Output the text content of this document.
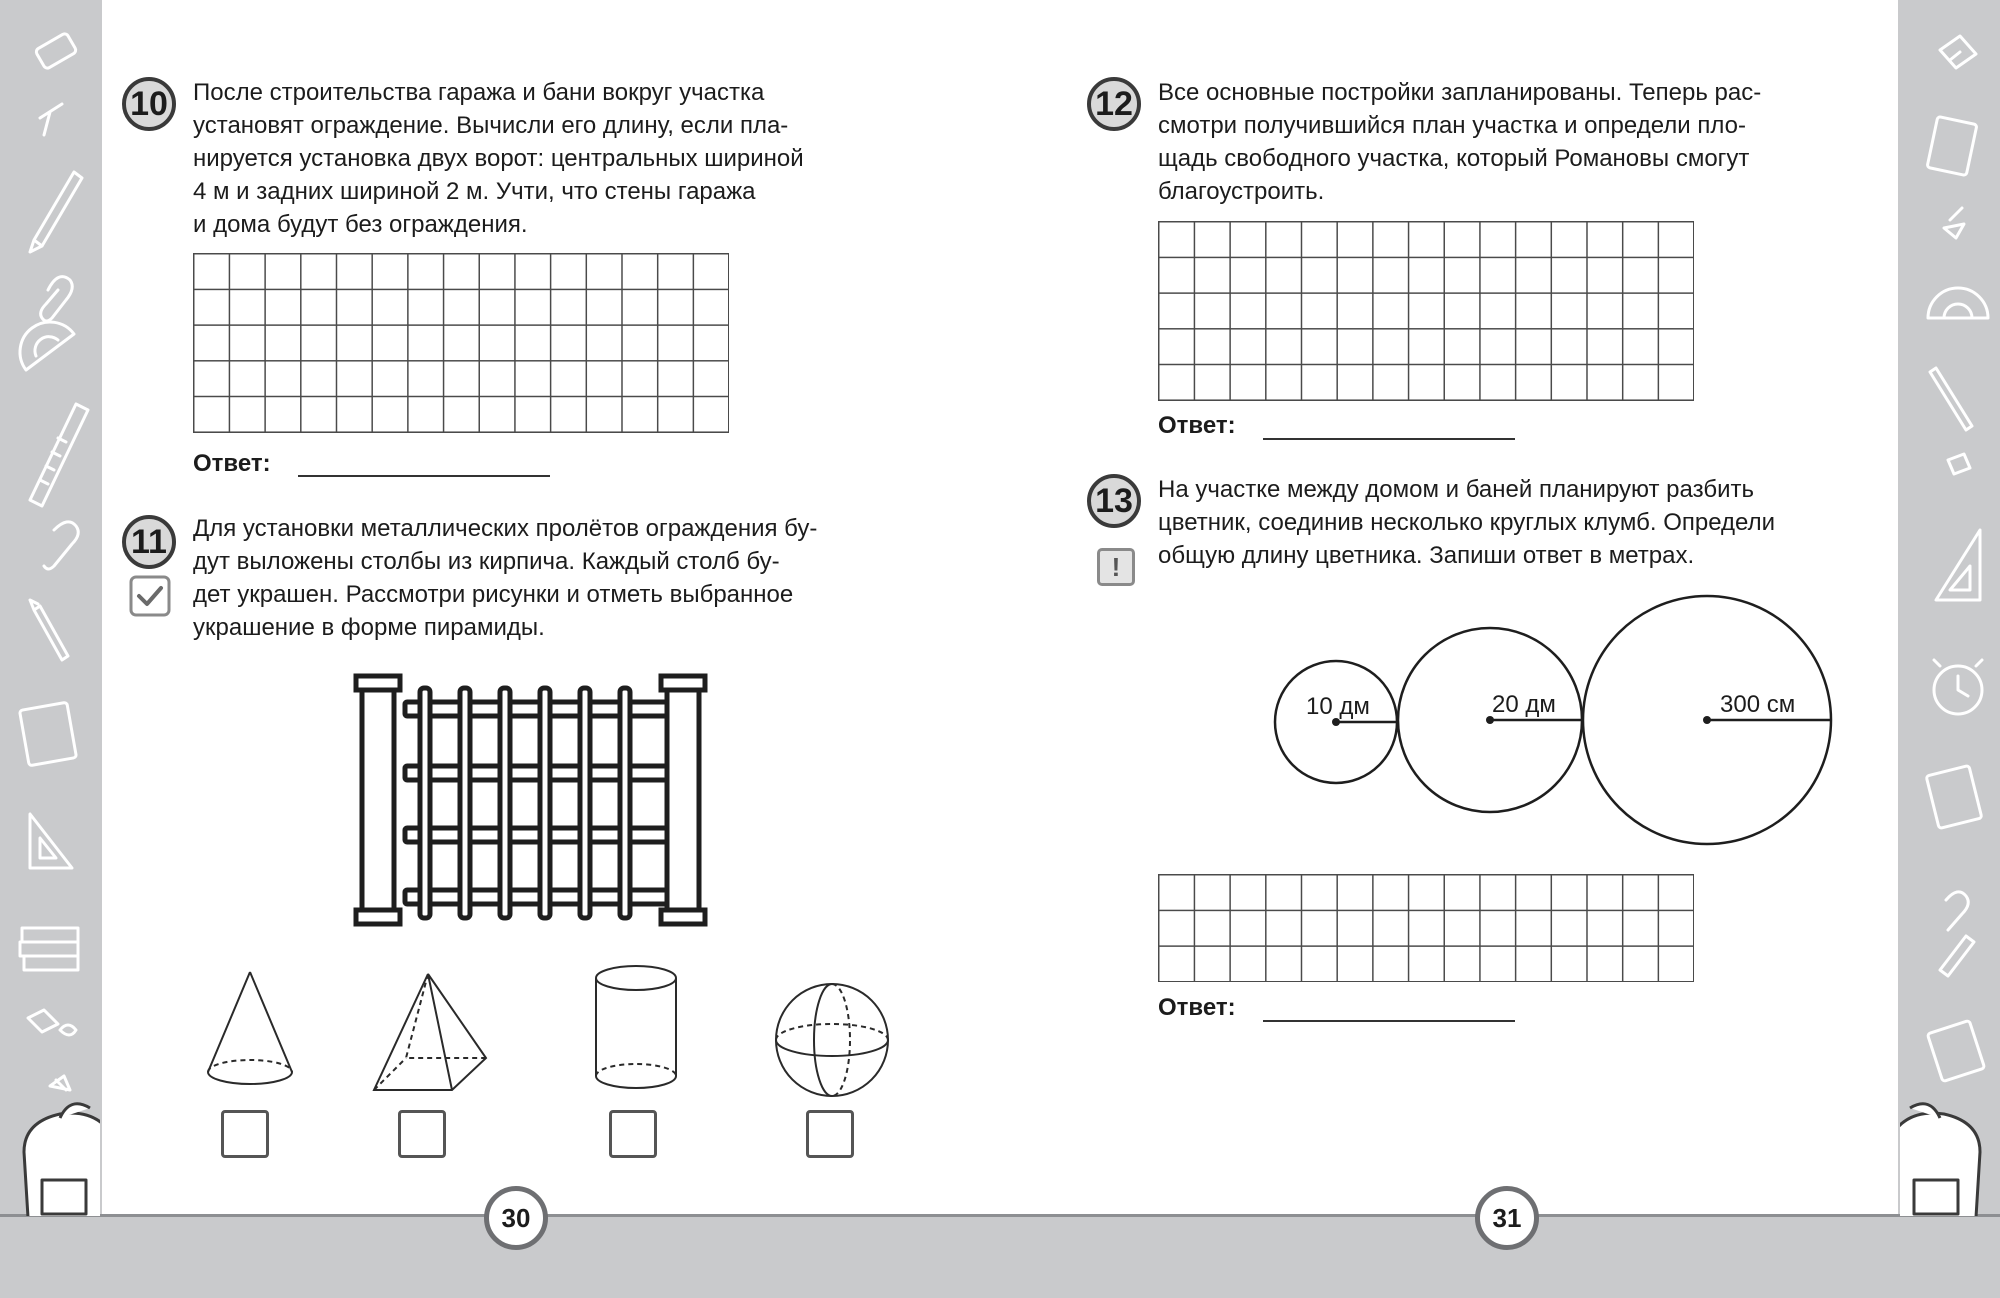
10	После строительства гаража и бани вокруг участка
установят ограждение. Вычисли его длину, если пла-
нируется установка двух ворот: центральных шириной
4 м и задних шириной 2 м. Учти, что стены гаража
и дома будут без ограждения.
Ответ:
11	Для установки металлических пролётов ограждения бу-
дут выложены столбы из кирпича. Каждый столб бу-
дет украшен. Рассмотри рисунки и отметь выбранное
украшение в форме пирамиды.
30
12	Все основные постройки запланированы. Теперь рас-
смотри получившийся план участка и определи пло-
щадь свободного участка, который Романовы смогут
благоустроить.
Ответ:
13
!
На участке между домом и баней планируют разбить
цветник, соединив несколько круглых клумб. Определи
общую длину цветника. Запиши ответ в метрах.
10 дм	20 дм	300 см
Ответ:
31
